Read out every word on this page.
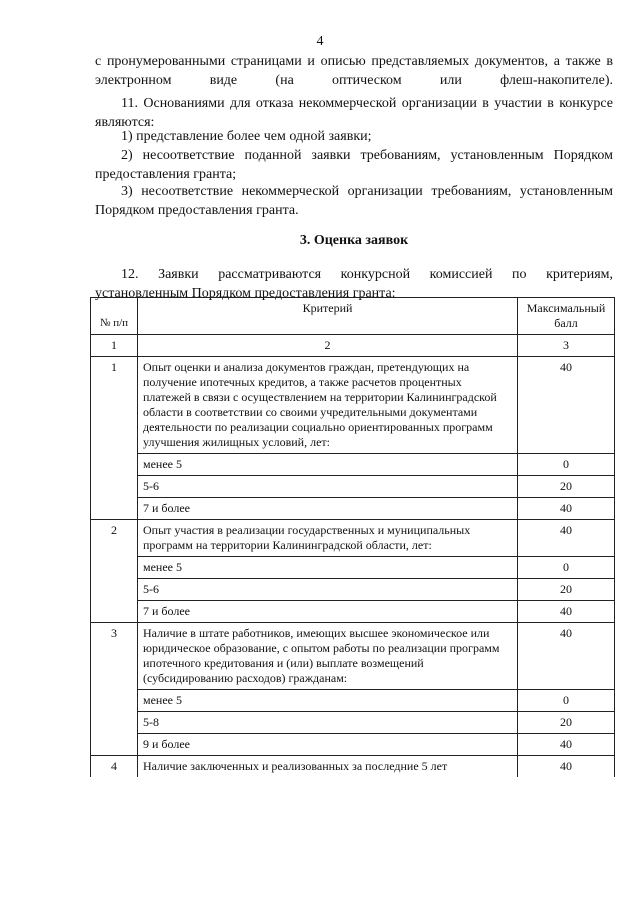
4

с пронумерованными страницами и описью представляемых документов, а также в электронном виде (на оптическом или флеш-накопителе).

11. Основаниями для отказа некоммерческой организации в участии в конкурсе являются:

1) представление более чем одной заявки;

2) несоответствие поданной заявки требованиям, установленным Порядком предоставления гранта;

3) несоответствие некоммерческой организации требованиям, установленным Порядком предоставления гранта.

3. Оценка заявок

12. Заявки рассматриваются конкурсной комиссией по критериям, установленным Порядком предоставления гранта:

№ п/п	Критерий	Максимальный балл
1	2	3
1	Опыт оценки и анализа документов граждан, претендующих на получение ипотечных кредитов, а также расчетов процентных платежей в связи с осуществлением на территории Калининградской области в соответствии со своими учредительными документами деятельности по реализации социально ориентированных программ улучшения жилищных условий, лет:	40
	менее 5	0
	5-6	20
	7 и более	40
2	Опыт участия в реализации государственных и муниципальных программ на территории Калининградской области, лет:	40
	менее 5	0
	5-6	20
	7 и более	40
3	Наличие в штате работников, имеющих высшее экономическое или юридическое образование, с опытом работы по реализации программ ипотечного кредитования и (или) выплате возмещений (субсидированию расходов) гражданам:	40
	менее 5	0
	5-8	20
	9 и более	40
4	Наличие заключенных и реализованных за последние 5 лет	40
